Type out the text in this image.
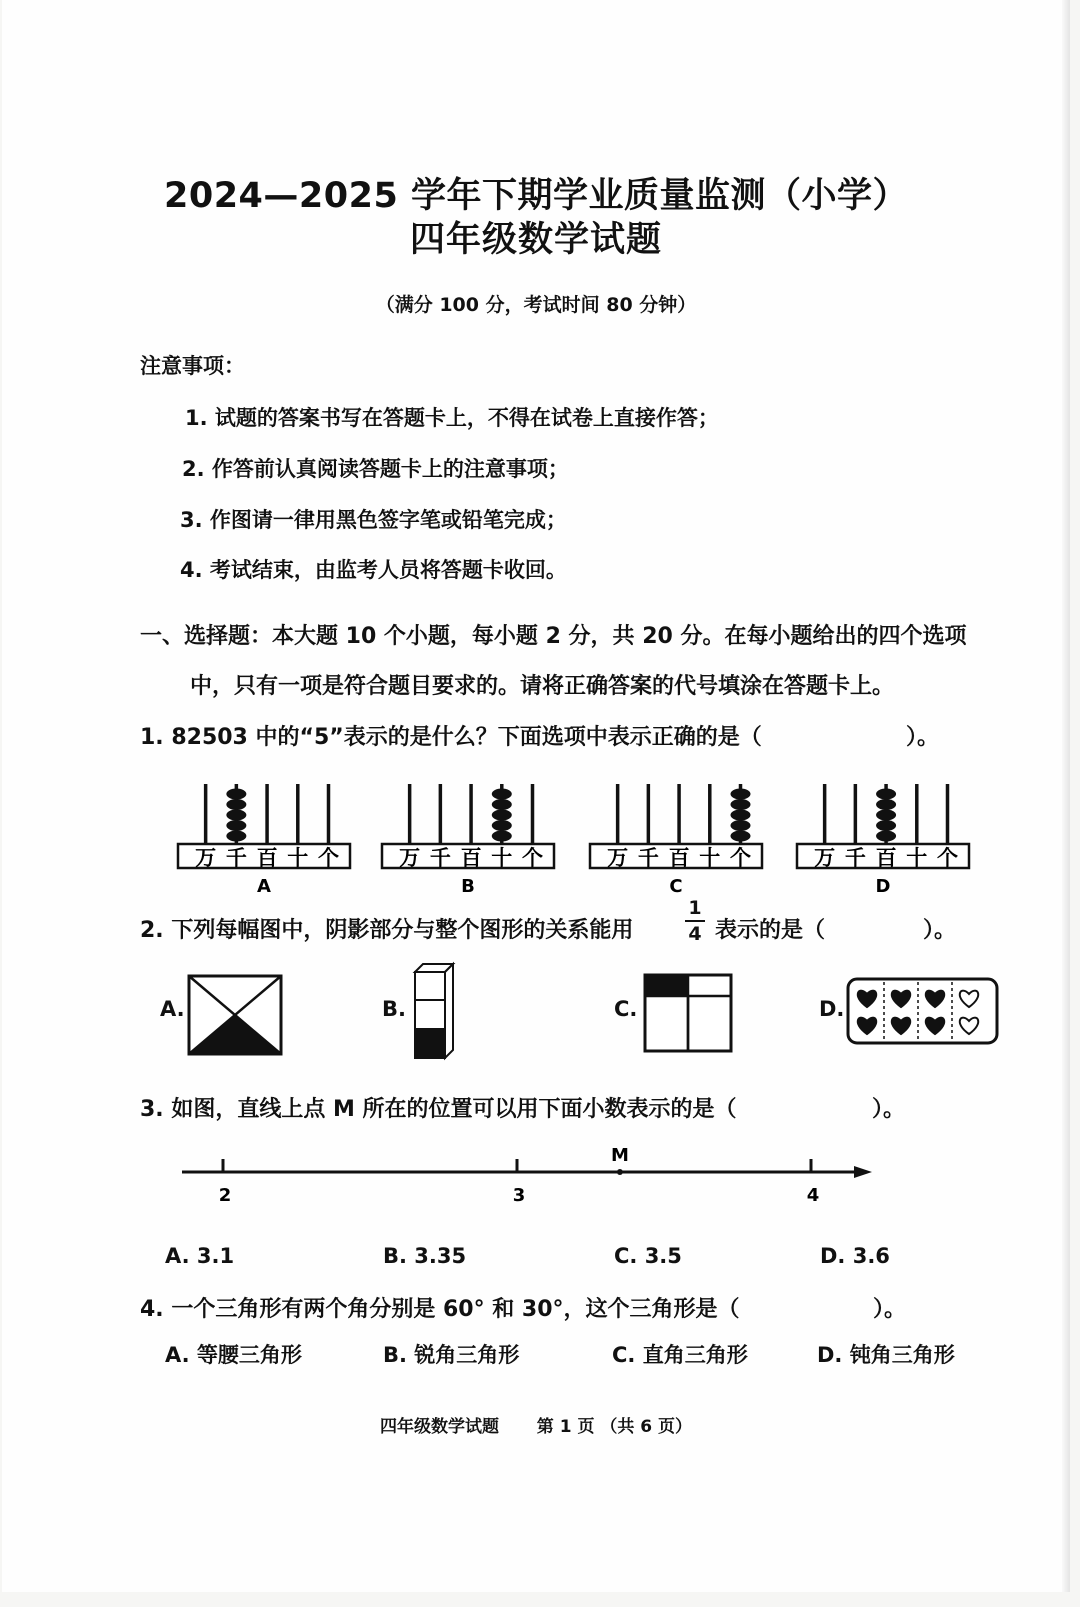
2024—2025 学年下期学业质量监测（小学）
四年级数学试题
（满分 100 分，考试时间 80 分钟）
注意事项：
1. 试题的答案书写在答题卡上，不得在试卷上直接作答；
2. 作答前认真阅读答题卡上的注意事项；
3. 作图请一律用黑色签字笔或铅笔完成；
4. 考试结束，由监考人员将答题卡收回。
一、选择题：本大题 10 个小题，每小题 2 分，共 20 分。在每小题给出的四个选项
中，只有一项是符合题目要求的。请将正确答案的代号填涂在答题卡上。
1. 82503 中的“5”表示的是什么？下面选项中表示正确的是（	）。
万 千 百 十 个
A
万 千 百 十 个
B
万 千 百 十 个
C
万 千 百 十 个
D
2. 下列每幅图中，阴影部分与整个图形的关系能用
1
4 表示的是（	）。
A.	B.	C.	D.
3. 如图，直线上点 M 所在的位置可以用下面小数表示的是（	）。
2	3	4
M
A. 3.1	B. 3.35	C. 3.5	D. 3.6
4. 一个三角形有两个角分别是 60° 和 30°，这个三角形是（	）。
A. 等腰三角形	B. 锐角三角形	C. 直角三角形	D. 钝角三角形
四年级数学试题 第 1 页 （共 6 页）
